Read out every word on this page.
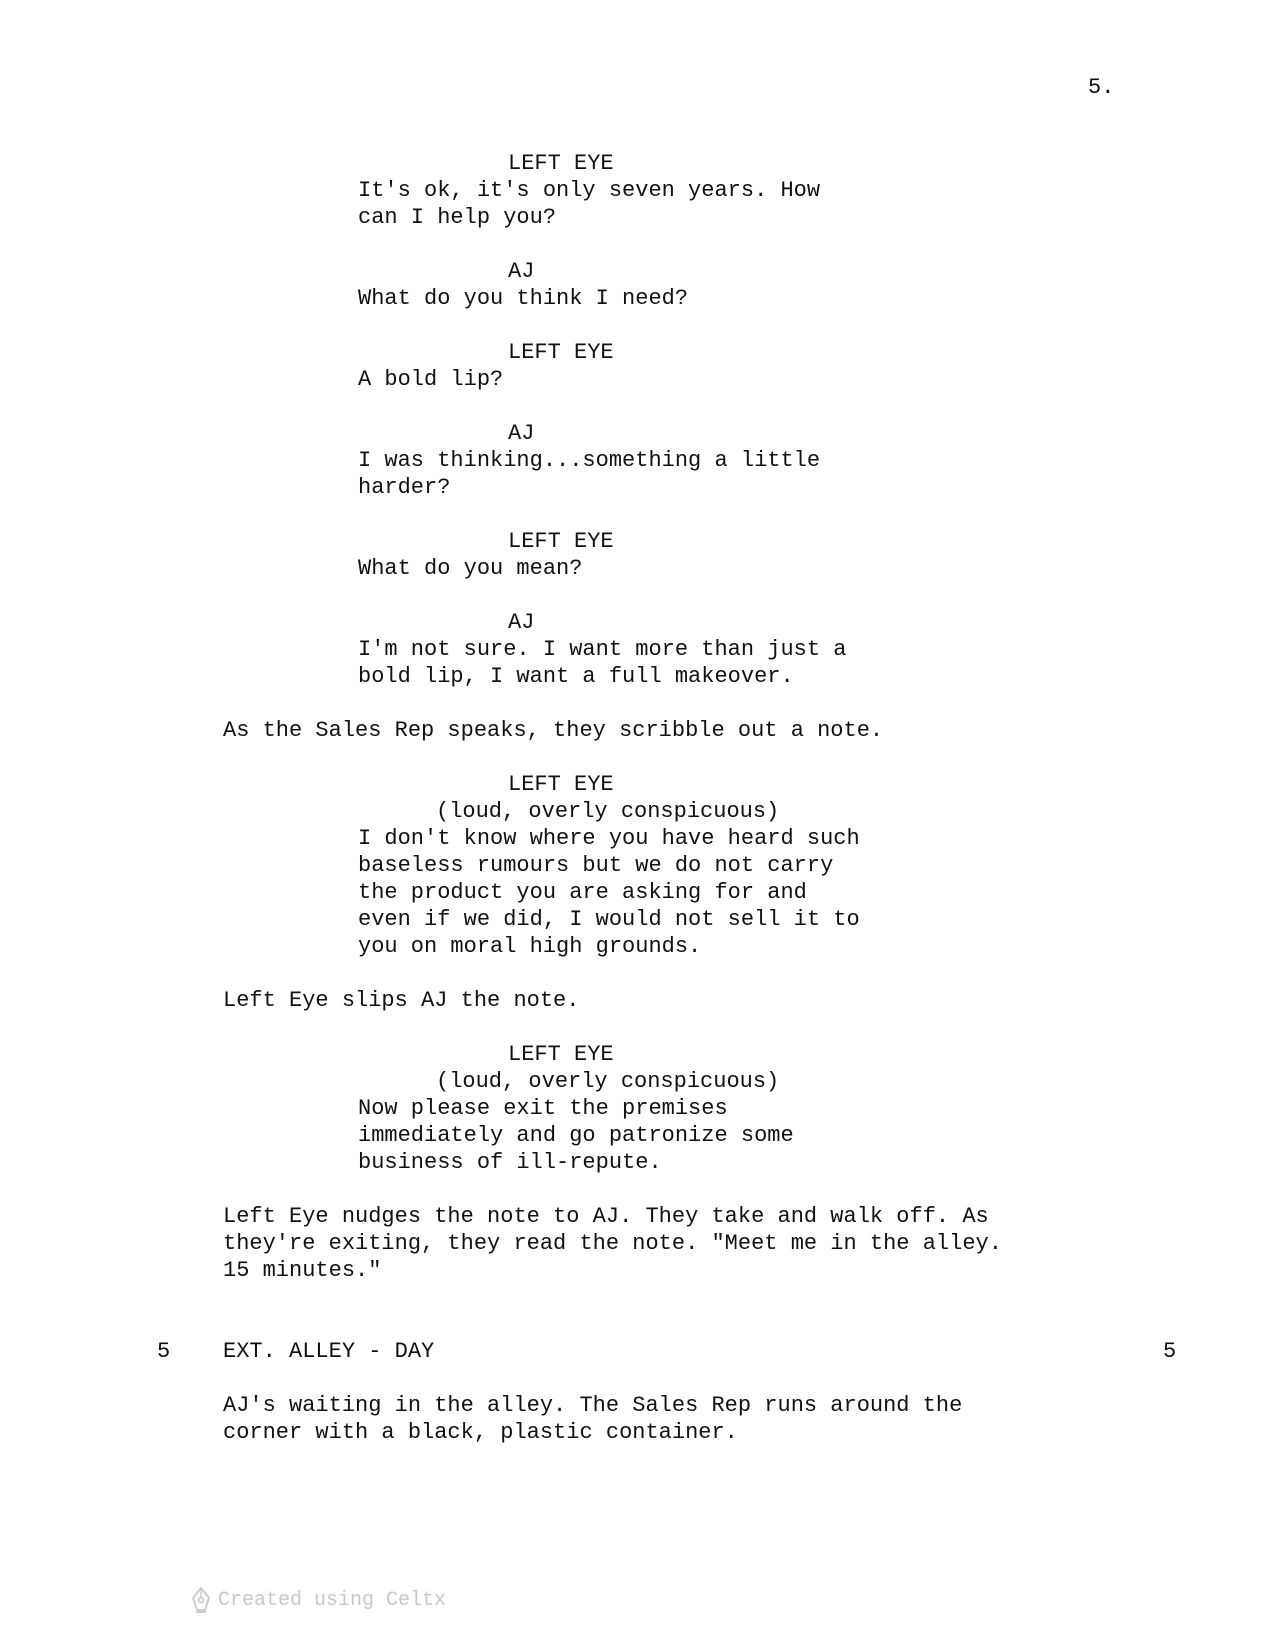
5.
LEFT EYE
It's ok, it's only seven years. How
can I help you?
AJ
What do you think I need?
LEFT EYE
A bold lip?
AJ
I was thinking...something a little
harder?
LEFT EYE
What do you mean?
AJ
I'm not sure. I want more than just a
bold lip, I want a full makeover.
As the Sales Rep speaks, they scribble out a note.
LEFT EYE
(loud, overly conspicuous)
I don't know where you have heard such
baseless rumours but we do not carry
the product you are asking for and
even if we did, I would not sell it to
you on moral high grounds.
Left Eye slips AJ the note.
LEFT EYE
(loud, overly conspicuous)
Now please exit the premises
immediately and go patronize some
business of ill-repute.
Left Eye nudges the note to AJ. They take and walk off. As
they're exiting, they read the note. "Meet me in the alley.
15 minutes."
5 EXT. ALLEY - DAY	5
AJ's waiting in the alley. The Sales Rep runs around the
corner with a black, plastic container.
Created using Celtx
